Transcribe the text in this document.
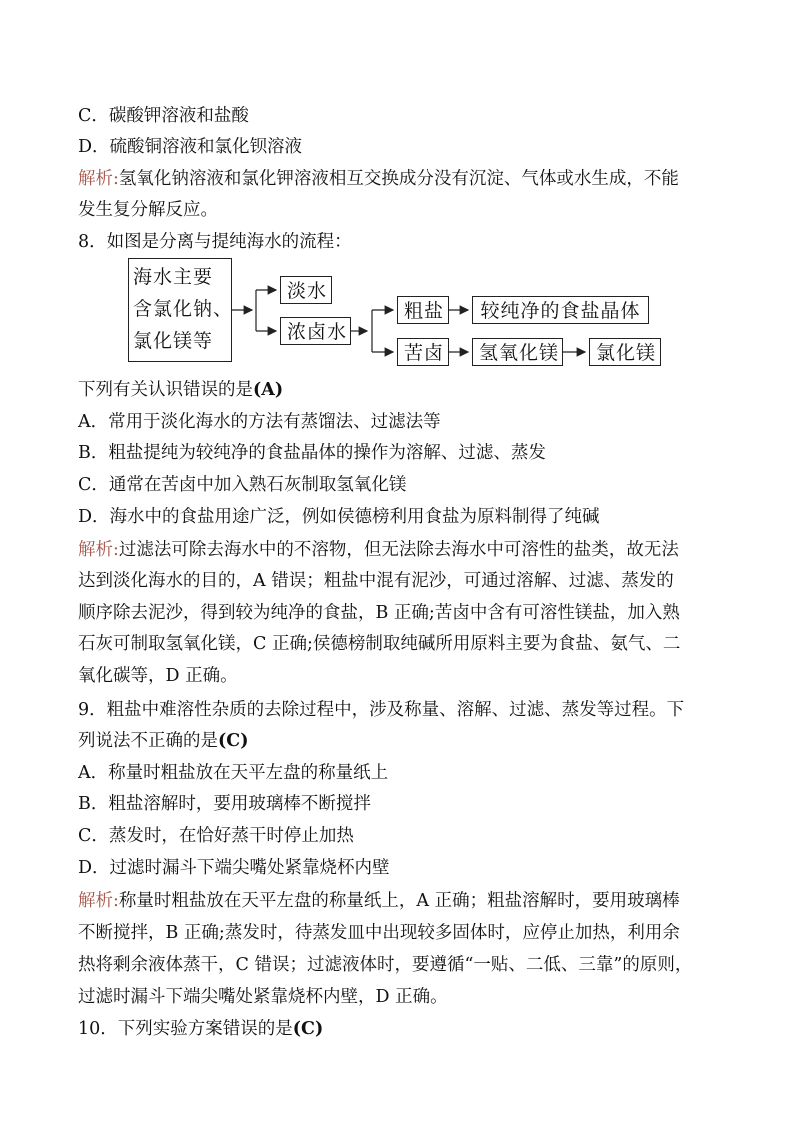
C．碳酸钾溶液和盐酸
D．硫酸铜溶液和氯化钡溶液
解析:氢氧化钠溶液和氯化钾溶液相互交换成分没有沉淀、气体或水生成，不能
发生复分解反应。
8．如图是分离与提纯海水的流程：
海水主要
含氯化钠、
氯化镁等
淡水
浓卤水
粗盐	较纯净的食盐晶体
苦卤	氢氧化镁	氯化镁
下列有关认识错误的是(A)
A．常用于淡化海水的方法有蒸馏法、过滤法等
B．粗盐提纯为较纯净的食盐晶体的操作为溶解、过滤、蒸发
C．通常在苦卤中加入熟石灰制取氢氧化镁
D．海水中的食盐用途广泛，例如侯德榜利用食盐为原料制得了纯碱
解析:过滤法可除去海水中的不溶物，但无法除去海水中可溶性的盐类，故无法
达到淡化海水的目的，A 错误；粗盐中混有泥沙，可通过溶解、过滤、蒸发的
顺序除去泥沙，得到较为纯净的食盐，B 正确;苦卤中含有可溶性镁盐，加入熟
石灰可制取氢氧化镁，C 正确;侯德榜制取纯碱所用原料主要为食盐、氨气、二
氧化碳等，D 正确。
9．粗盐中难溶性杂质的去除过程中，涉及称量、溶解、过滤、蒸发等过程。下
列说法不正确的是(C)
A．称量时粗盐放在天平左盘的称量纸上
B．粗盐溶解时，要用玻璃棒不断搅拌
C．蒸发时，在恰好蒸干时停止加热
D．过滤时漏斗下端尖嘴处紧靠烧杯内壁
解析:称量时粗盐放在天平左盘的称量纸上，A 正确；粗盐溶解时，要用玻璃棒
不断搅拌，B 正确;蒸发时，待蒸发皿中出现较多固体时，应停止加热，利用余
热将剩余液体蒸干，C 错误；过滤液体时，要遵循“一贴、二低、三靠”的原则，
过滤时漏斗下端尖嘴处紧靠烧杯内壁，D 正确。
10．下列实验方案错误的是(C)
